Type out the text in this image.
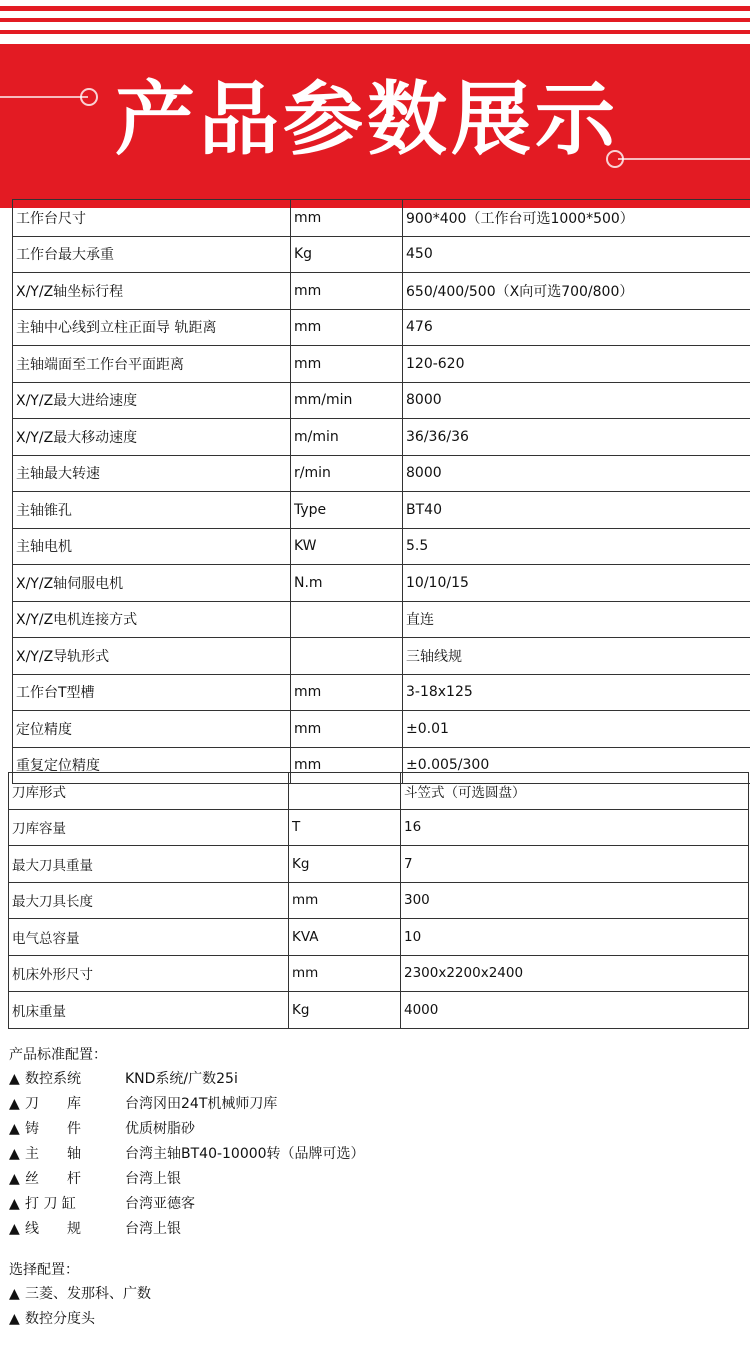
产品参数展示
工作台尺寸	mm	900*400（工作台可选1000*500）
工作台最大承重	Kg	450
X/Y/Z轴坐标行程	mm	650/400/500（X向可选700/800）
主轴中心线到立柱正面导 轨距离	mm	476
主轴端面至工作台平面距离	mm	120-620
X/Y/Z最大进给速度	mm/min	8000
X/Y/Z最大移动速度	m/min	36/36/36
主轴最大转速	r/min	8000
主轴锥孔	Type	BT40
主轴电机	KW	5.5
X/Y/Z轴伺服电机	N.m	10/10/15
X/Y/Z电机连接方式		直连
X/Y/Z导轨形式		三轴线规
工作台T型槽	mm	3-18x125
定位精度	mm	±0.01
重复定位精度	mm	±0.005/300
刀库形式		斗笠式（可选圆盘）
刀库容量	T	16
最大刀具重量	Kg	7
最大刀具长度	mm	300
电气总容量	KVA	10
机床外形尺寸	mm	2300x2200x2400
机床重量	Kg	4000
产品标准配置：
▲ 数控系统	KND系统/广数25i
▲ 刀　　库	台湾冈田24T机械师刀库
▲ 铸　　件	优质树脂砂
▲ 主　　轴	台湾主轴BT40-10000转（品牌可选）
▲ 丝　　杆	台湾上银
▲ 打 刀 缸	台湾亚德客
▲ 线　　规	台湾上银
选择配置：
▲ 三菱、发那科、广数
▲ 数控分度头
